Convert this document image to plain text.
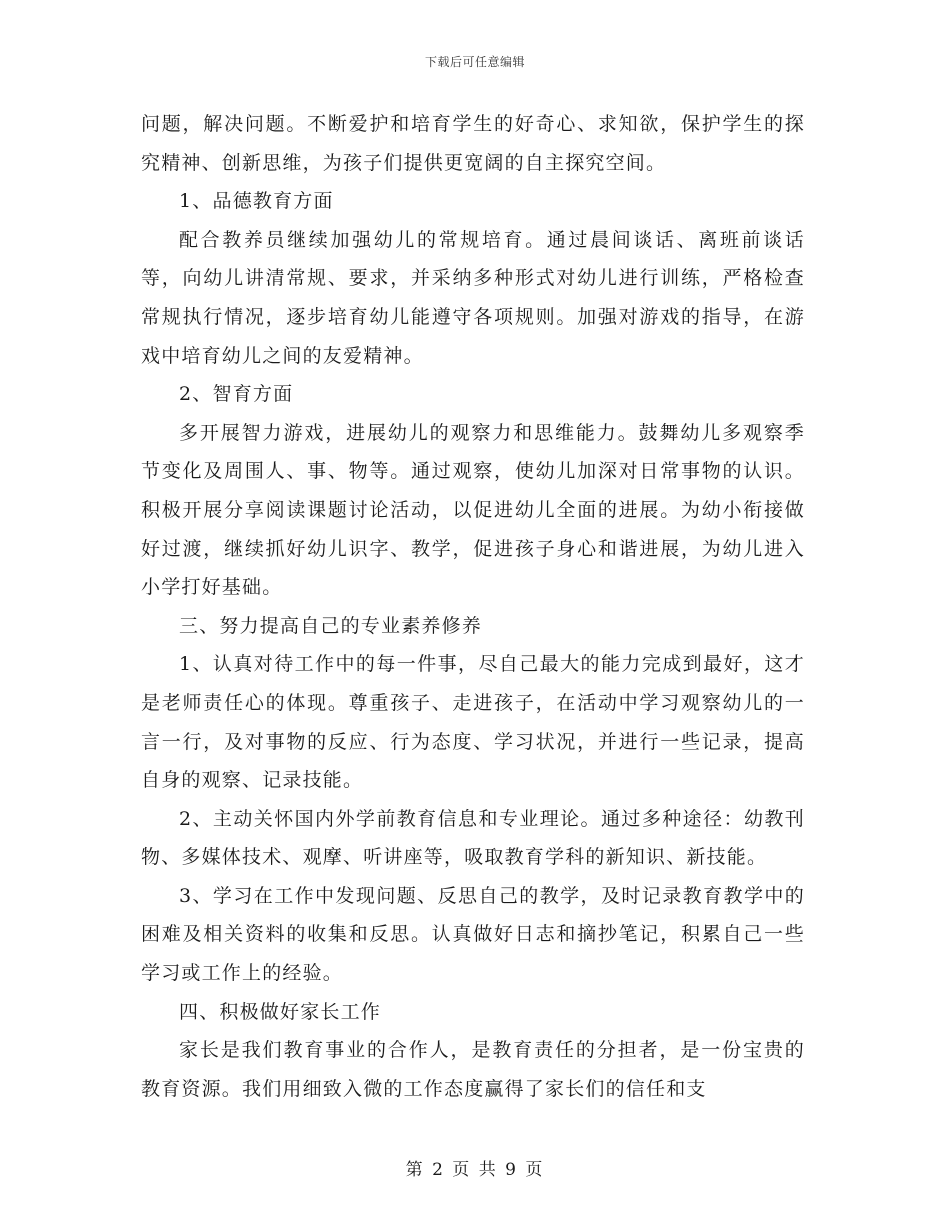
下载后可任意编辑

问题，解决问题。不断爱护和培育学生的好奇心、求知欲，保护学生的探究精神、创新思维，为孩子们提供更宽阔的自主探究空间。

1、品德教育方面

配合教养员继续加强幼儿的常规培育。通过晨间谈话、离班前谈话等，向幼儿讲清常规、要求，并采纳多种形式对幼儿进行训练，严格检查常规执行情况，逐步培育幼儿能遵守各项规则。加强对游戏的指导，在游戏中培育幼儿之间的友爱精神。

2、智育方面

多开展智力游戏，进展幼儿的观察力和思维能力。鼓舞幼儿多观察季节变化及周围人、事、物等。通过观察，使幼儿加深对日常事物的认识。积极开展分享阅读课题讨论活动，以促进幼儿全面的进展。为幼小衔接做好过渡，继续抓好幼儿识字、教学，促进孩子身心和谐进展，为幼儿进入小学打好基础。

三、努力提高自己的专业素养修养

1、认真对待工作中的每一件事，尽自己最大的能力完成到最好，这才是老师责任心的体现。尊重孩子、走进孩子，在活动中学习观察幼儿的一言一行，及对事物的反应、行为态度、学习状况，并进行一些记录，提高自身的观察、记录技能。

2、主动关怀国内外学前教育信息和专业理论。通过多种途径：幼教刊物、多媒体技术、观摩、听讲座等，吸取教育学科的新知识、新技能。

3、学习在工作中发现问题、反思自己的教学，及时记录教育教学中的困难及相关资料的收集和反思。认真做好日志和摘抄笔记，积累自己一些学习或工作上的经验。

四、积极做好家长工作

家长是我们教育事业的合作人，是教育责任的分担者，是一份宝贵的教育资源。我们用细致入微的工作态度赢得了家长们的信任和支

第 2 页 共 9 页
